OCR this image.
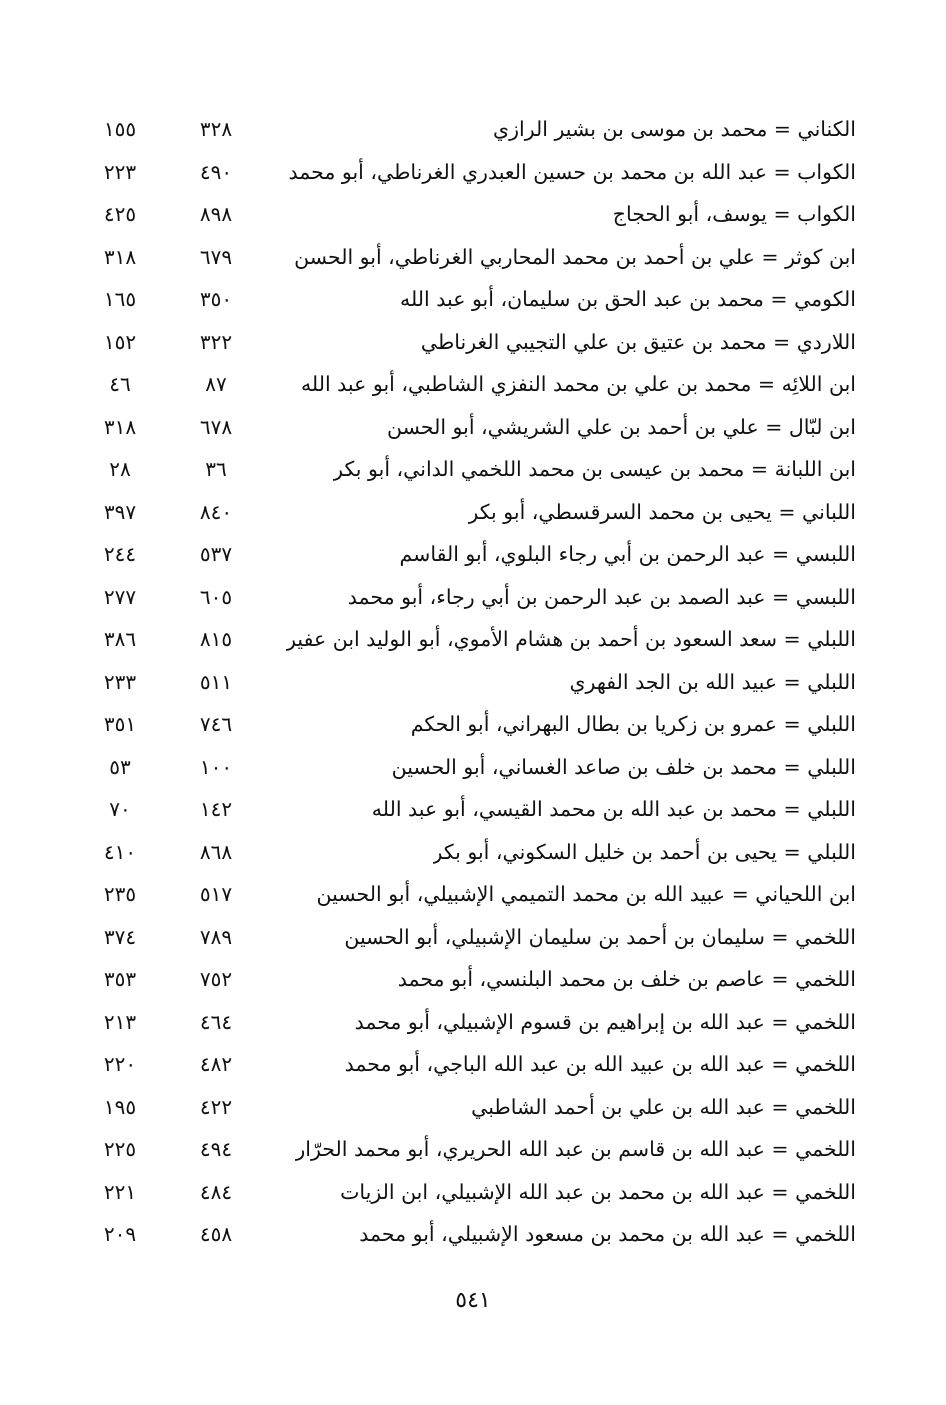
الكناني = محمد بن موسى بن بشير الرازي
٣٢٨
١٥٥
الكواب = عبد الله بن محمد بن حسين العبدري الغرناطي، أبو محمد
٤٩٠
٢٢٣
الكواب = يوسف، أبو الحجاج
٨٩٨
٤٢٥
ابن كوثر = علي بن أحمد بن محمد المحاربي الغرناطي، أبو الحسن
٦٧٩
٣١٨
الكومي = محمد بن عبد الحق بن سليمان، أبو عبد الله
٣٥٠
١٦٥
اللاردي = محمد بن عتيق بن علي التجيبي الغرناطي
٣٢٢
١٥٢
ابن اللائِه = محمد بن علي بن محمد النفزي الشاطبي، أبو عبد الله
٨٧
٤٦
ابن لبّال = علي بن أحمد بن علي الشريشي، أبو الحسن
٦٧٨
٣١٨
ابن اللبانة = محمد بن عيسى بن محمد اللخمي الداني، أبو بكر
٣٦
٢٨
اللباني = يحيى بن محمد السرقسطي، أبو بكر
٨٤٠
٣٩٧
اللبسي = عبد الرحمن بن أبي رجاء البلوي، أبو القاسم
٥٣٧
٢٤٤
اللبسي = عبد الصمد بن عبد الرحمن بن أبي رجاء، أبو محمد
٦٠٥
٢٧٧
اللبلي = سعد السعود بن أحمد بن هشام الأموي، أبو الوليد ابن عفير
٨١٥
٣٨٦
اللبلي = عبيد الله بن الجد الفهري
٥١١
٢٣٣
اللبلي = عمرو بن زكريا بن بطال البهراني، أبو الحكم
٧٤٦
٣٥١
اللبلي = محمد بن خلف بن صاعد الغساني، أبو الحسين
١٠٠
٥٣
اللبلي = محمد بن عبد الله بن محمد القيسي، أبو عبد الله
١٤٢
٧٠
اللبلي = يحيى بن أحمد بن خليل السكوني، أبو بكر
٨٦٨
٤١٠
ابن اللحياني = عبيد الله بن محمد التميمي الإشبيلي، أبو الحسين
٥١٧
٢٣٥
اللخمي = سليمان بن أحمد بن سليمان الإشبيلي، أبو الحسين
٧٨٩
٣٧٤
اللخمي = عاصم بن خلف بن محمد البلنسي، أبو محمد
٧٥٢
٣٥٣
اللخمي = عبد الله بن إبراهيم بن قسوم الإشبيلي، أبو محمد
٤٦٤
٢١٣
اللخمي = عبد الله بن عبيد الله بن عبد الله الباجي، أبو محمد
٤٨٢
٢٢٠
اللخمي = عبد الله بن علي بن أحمد الشاطبي
٤٢٢
١٩٥
اللخمي = عبد الله بن قاسم بن عبد الله الحريري، أبو محمد الحرّار
٤٩٤
٢٢٥
اللخمي = عبد الله بن محمد بن عبد الله الإشبيلي، ابن الزيات
٤٨٤
٢٢١
اللخمي = عبد الله بن محمد بن مسعود الإشبيلي، أبو محمد
٤٥٨
٢٠٩
٥٤١
